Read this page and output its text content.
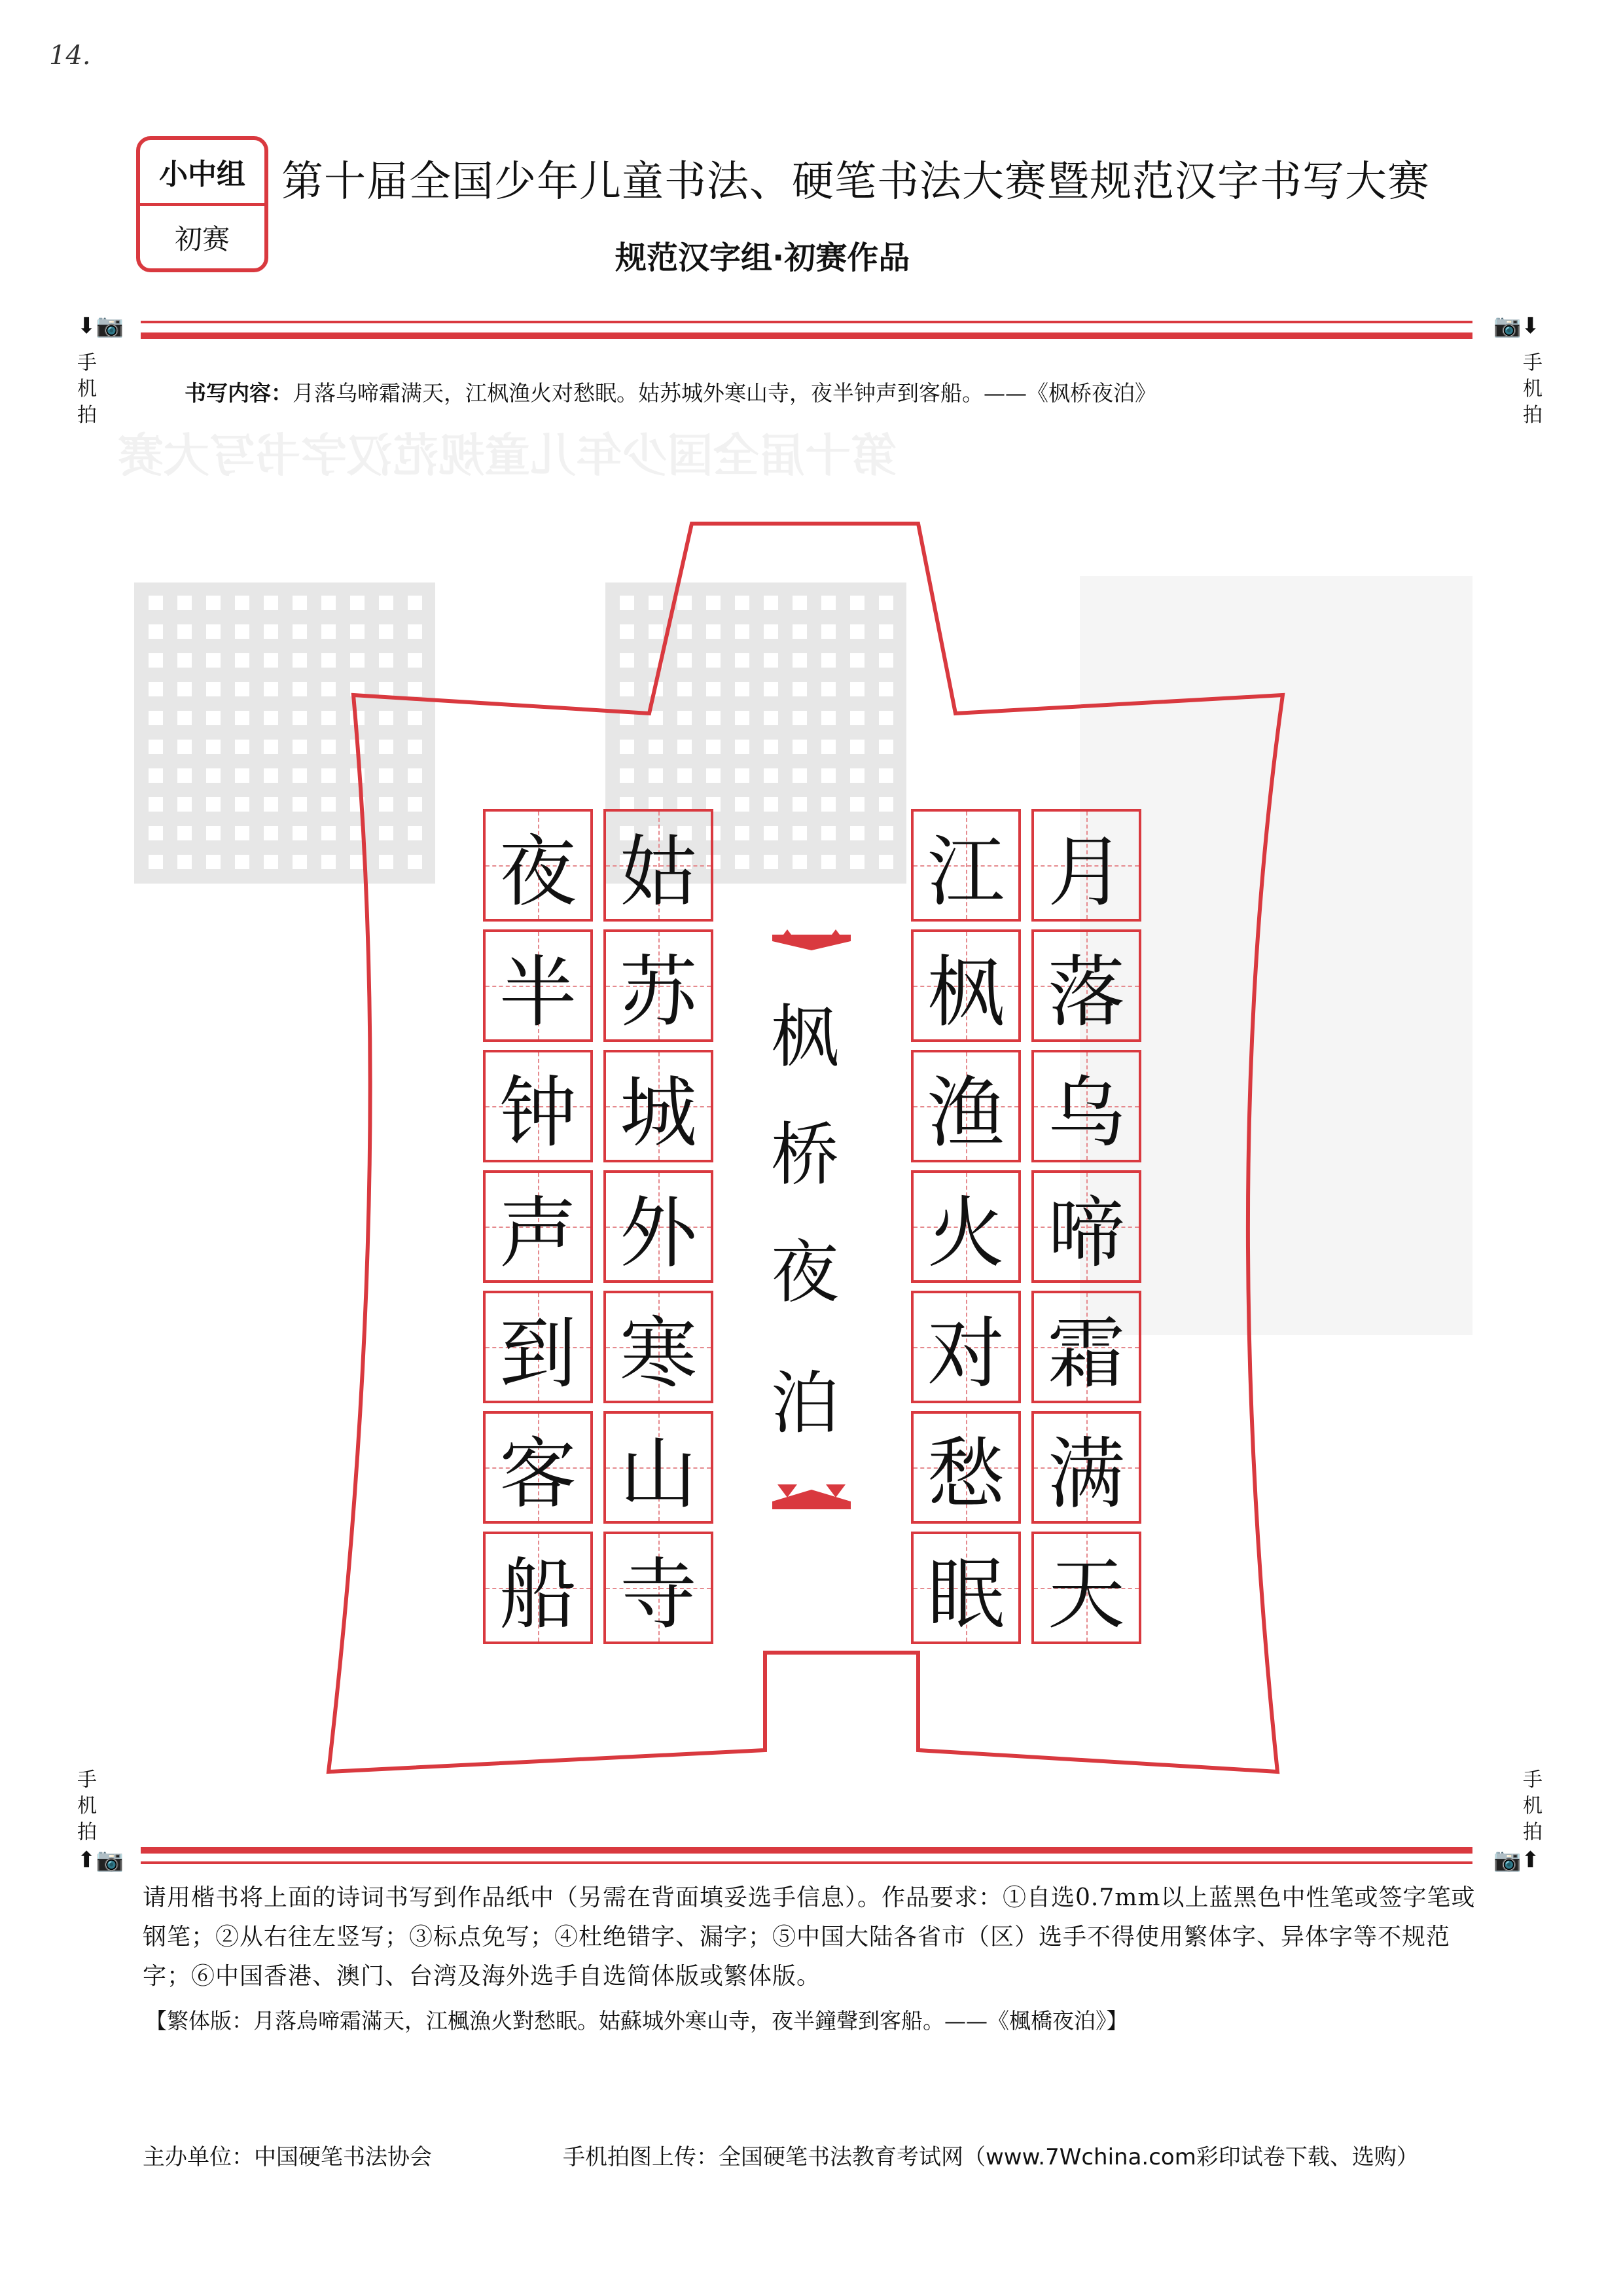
第十届全国少年儿童规范汉字书写大赛
14.
小中组
初赛
第十届全国少年儿童书法、硬笔书法大赛暨规范汉字书写大赛
规范汉字组·初赛作品
⬇📷	📷⬇
手
机
拍
手
机
拍
书写内容：月落乌啼霜满天，江枫渔火对愁眠。姑苏城外寒山寺，夜半钟声到客船。——《枫桥夜泊》
月
落
乌
啼
霜
满
天
江
枫
渔
火
对
愁
眠
姑
苏
城
外
寒
山
寺
夜
半
钟
声
到
客
船
枫
桥
夜
泊
手
机
拍
手
机
拍
⬆📷	📷⬆
请用楷书将上面的诗词书写到作品纸中（另需在背面填妥选手信息）。作品要求：①自选0.7mm以上蓝黑色中性笔或签字笔或钢笔；②从右往左竖写；③标点免写；④杜绝错字、漏字；⑤中国大陆各省市（区）选手不得使用繁体字、异体字等不规范字；⑥中国香港、澳门、台湾及海外选手自选简体版或繁体版。
【繁体版：月落烏啼霜滿天，江楓漁火對愁眠。姑蘇城外寒山寺，夜半鐘聲到客船。——《楓橋夜泊》】
主办单位：中国硬笔书法协会	手机拍图上传：全国硬笔书法教育考试网（www.7Wchina.com彩印试卷下载、选购）
